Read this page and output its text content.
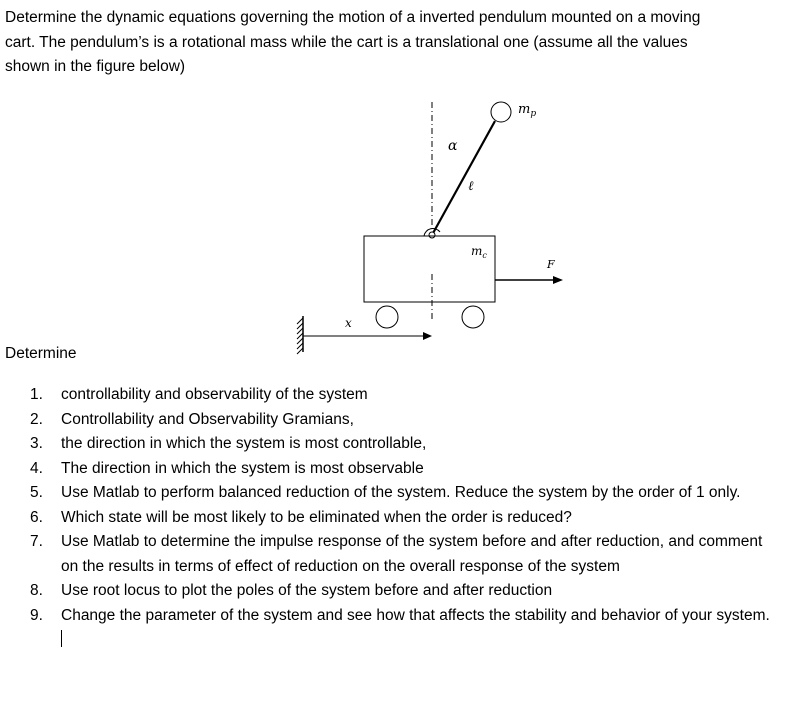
Determine the dynamic equations governing the motion of a inverted pendulum mounted on a moving
cart. The pendulum’s is a rotational mass while the cart is a translational one (assume all the values
shown in the figure below)
α
ℓ
$m_p$
$m_c$
F
x
Determine
1. controllability and observability of the system
2. Controllability and Observability Gramians,
3. the direction in which the system is most controllable,
4. The direction in which the system is most observable
5. Use Matlab to perform balanced reduction of the system. Reduce the system by the order of 1 only.
6. Which state will be most likely to be eliminated when the order is reduced?
7. Use Matlab to determine the impulse response of the system before and after reduction, and comment on the results in terms of effect of reduction on the overall response of the system
8. Use root locus to plot the poles of the system before and after reduction
9. Change the parameter of the system and see how that affects the stability and behavior of your system.
